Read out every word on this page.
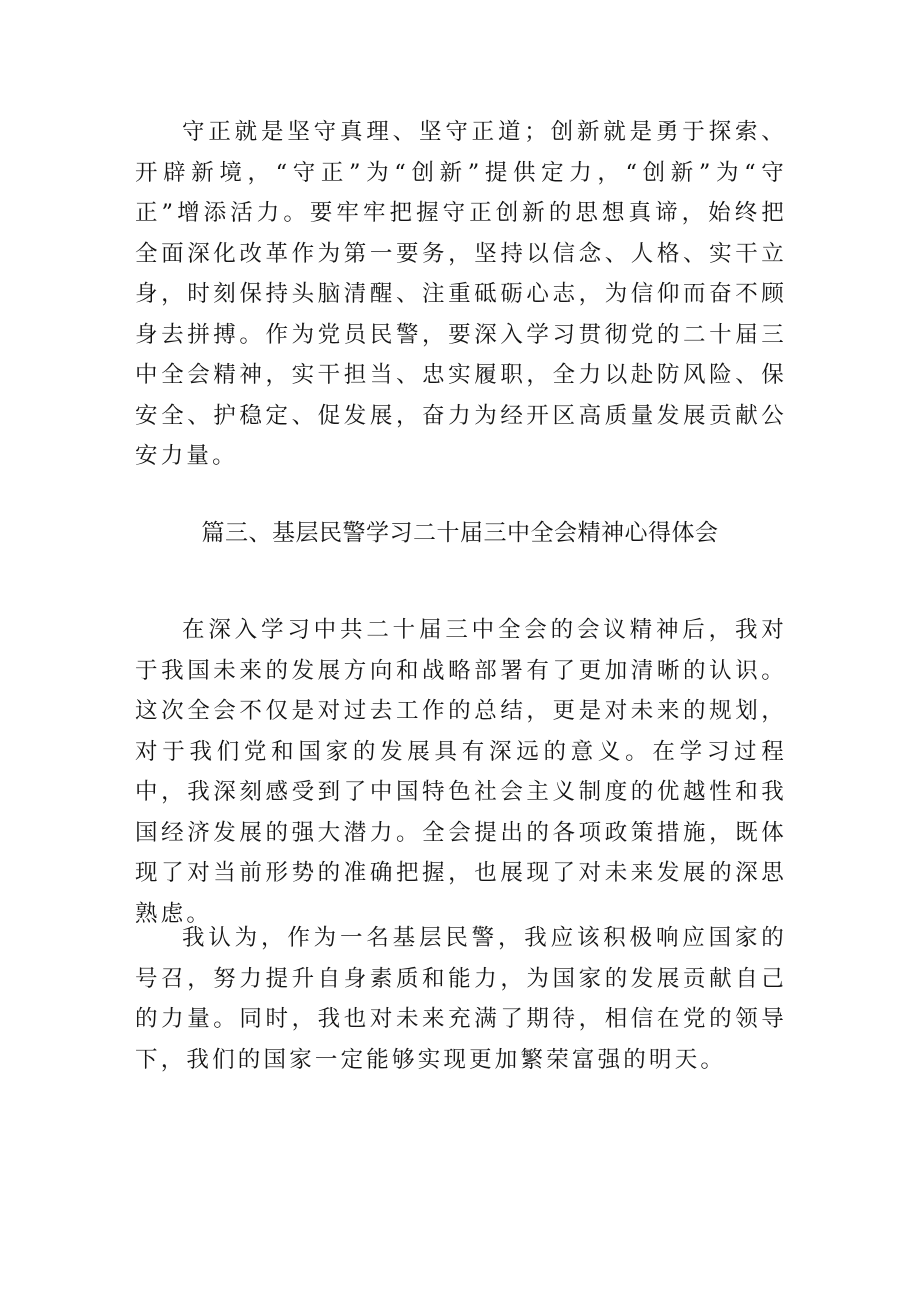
守正就是坚守真理、坚守正道；创新就是勇于探索、开辟新境，“守正”为“创新”提供定力，“创新”为“守正”增添活力。要牢牢把握守正创新的思想真谛，始终把全面深化改革作为第一要务，坚持以信念、人格、实干立身，时刻保持头脑清醒、注重砥砺心志，为信仰而奋不顾身去拼搏。作为党员民警，要深入学习贯彻党的二十届三中全会精神，实干担当、忠实履职，全力以赴防风险、保安全、护稳定、促发展，奋力为经开区高质量发展贡献公安力量。

篇三、基层民警学习二十届三中全会精神心得体会

在深入学习中共二十届三中全会的会议精神后，我对于我国未来的发展方向和战略部署有了更加清晰的认识。这次全会不仅是对过去工作的总结，更是对未来的规划，对于我们党和国家的发展具有深远的意义。在学习过程中，我深刻感受到了中国特色社会主义制度的优越性和我国经济发展的强大潜力。全会提出的各项政策措施，既体现了对当前形势的准确把握，也展现了对未来发展的深思熟虑。

我认为，作为一名基层民警，我应该积极响应国家的号召，努力提升自身素质和能力，为国家的发展贡献自己的力量。同时，我也对未来充满了期待，相信在党的领导下，我们的国家一定能够实现更加繁荣富强的明天。
